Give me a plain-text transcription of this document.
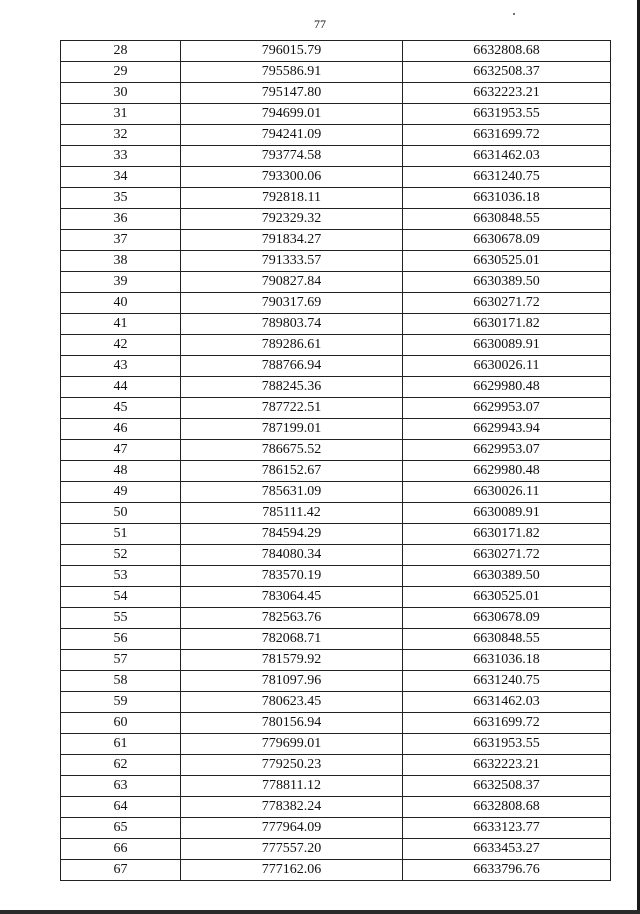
77
28	796015.79	6632808.68
29	795586.91	6632508.37
30	795147.80	6632223.21
31	794699.01	6631953.55
32	794241.09	6631699.72
33	793774.58	6631462.03
34	793300.06	6631240.75
35	792818.11	6631036.18
36	792329.32	6630848.55
37	791834.27	6630678.09
38	791333.57	6630525.01
39	790827.84	6630389.50
40	790317.69	6630271.72
41	789803.74	6630171.82
42	789286.61	6630089.91
43	788766.94	6630026.11
44	788245.36	6629980.48
45	787722.51	6629953.07
46	787199.01	6629943.94
47	786675.52	6629953.07
48	786152.67	6629980.48
49	785631.09	6630026.11
50	785111.42	6630089.91
51	784594.29	6630171.82
52	784080.34	6630271.72
53	783570.19	6630389.50
54	783064.45	6630525.01
55	782563.76	6630678.09
56	782068.71	6630848.55
57	781579.92	6631036.18
58	781097.96	6631240.75
59	780623.45	6631462.03
60	780156.94	6631699.72
61	779699.01	6631953.55
62	779250.23	6632223.21
63	778811.12	6632508.37
64	778382.24	6632808.68
65	777964.09	6633123.77
66	777557.20	6633453.27
67	777162.06	6633796.76
